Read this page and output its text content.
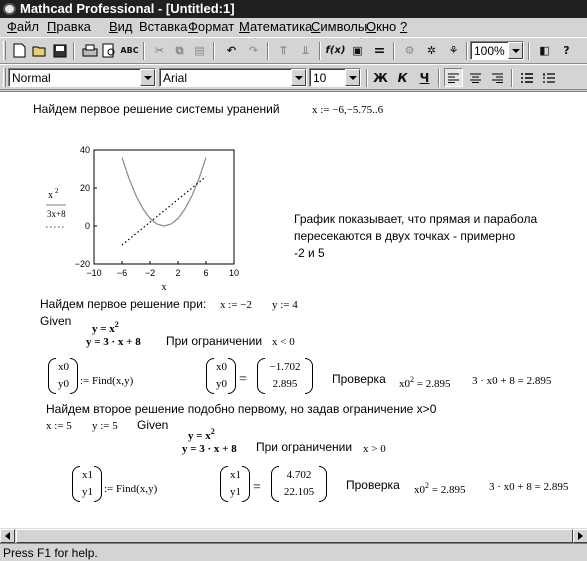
Mathcad Professional - [Untitled:1]
Файл Правка Вид Вставка Формат Математика
Символы
Окно ?
ABC	✂	⧉ ▤	↶	↷	⫪	⫫	f(x) ▣ =	⚙	✲	⚘	100%	◧	?
Normal	Arial	10	Ж К	Ч
Найдем первое решение системы уранений	x := −6,−5.75..6
−10 −6 −2 2	6 10
40
20
0
−20
x
x 2
3x+8	График показывает, что прямая и парабола
пересекаются в двух точках - примерно
-2 и 5
Найдем первое решение при: x := −2 y := 4
Given
$y = x^2$
y = 3 · x + 8 При ограничении x < 0
x0
y0 := Find(x,y)
x0
y0 =
−1.702
2.895	Проверка $x0^2 = 2.895$ 3 · x0 + 8 = 2.895
Найдем второе решение подобно первому, но задав ограничение x>0
x := 5 y := 5 Given
$y = x^2$
y = 3 · x + 8 При ограничении x > 0
x1
y1 := Find(x,y)
x1
y1 =
4.702
22.105	Проверка $x0^2 = 2.895$ 3 · x0 + 8 = 2.895
Press F1 for help.
